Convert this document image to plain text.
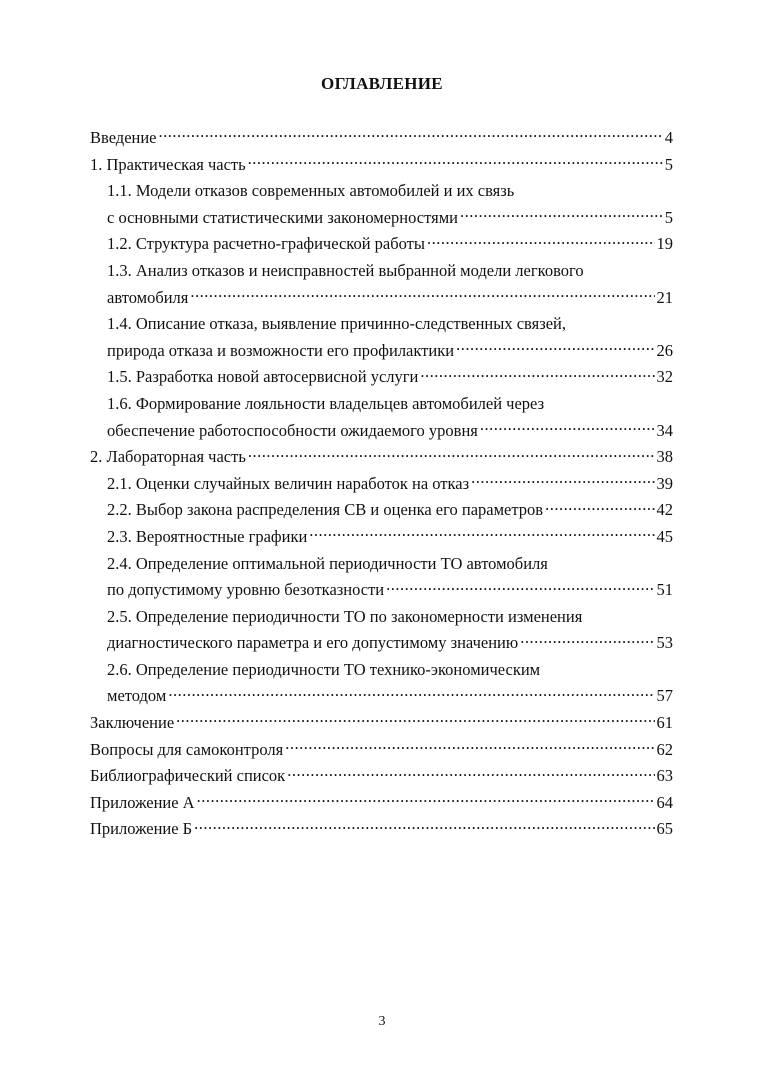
ОГЛАВЛЕНИЕ
Введение .....	4
1. Практическая часть .....	5
1.1. Модели отказов современных автомобилей и их связь
с основными статистическими закономерностями .....	5
1.2. Структура расчетно-графической работы .....	19
1.3. Анализ отказов и неисправностей выбранной модели легкового
автомобиля .....	21
1.4. Описание отказа, выявление причинно-следственных связей,
природа отказа и возможности его профилактики .....	26
1.5. Разработка новой автосервисной услуги .....	32
1.6. Формирование лояльности владельцев автомобилей через
обеспечение работоспособности ожидаемого уровня .....	34
2. Лабораторная часть .....	38
2.1. Оценки случайных величин наработок на отказ .....	39
2.2. Выбор закона распределения СВ и оценка его параметров .....	42
2.3. Вероятностные графики .....	45
2.4. Определение оптимальной периодичности ТО автомобиля
по допустимому уровню безотказности .....	51
2.5. Определение периодичности ТО по закономерности изменения
диагностического параметра и его допустимому значению .....	53
2.6. Определение периодичности ТО технико-экономическим
методом .....	57
Заключение .....	61
Вопросы для самоконтроля .....	62
Библиографический список .....	63
Приложение А .....	64
Приложение Б .....	65
3
